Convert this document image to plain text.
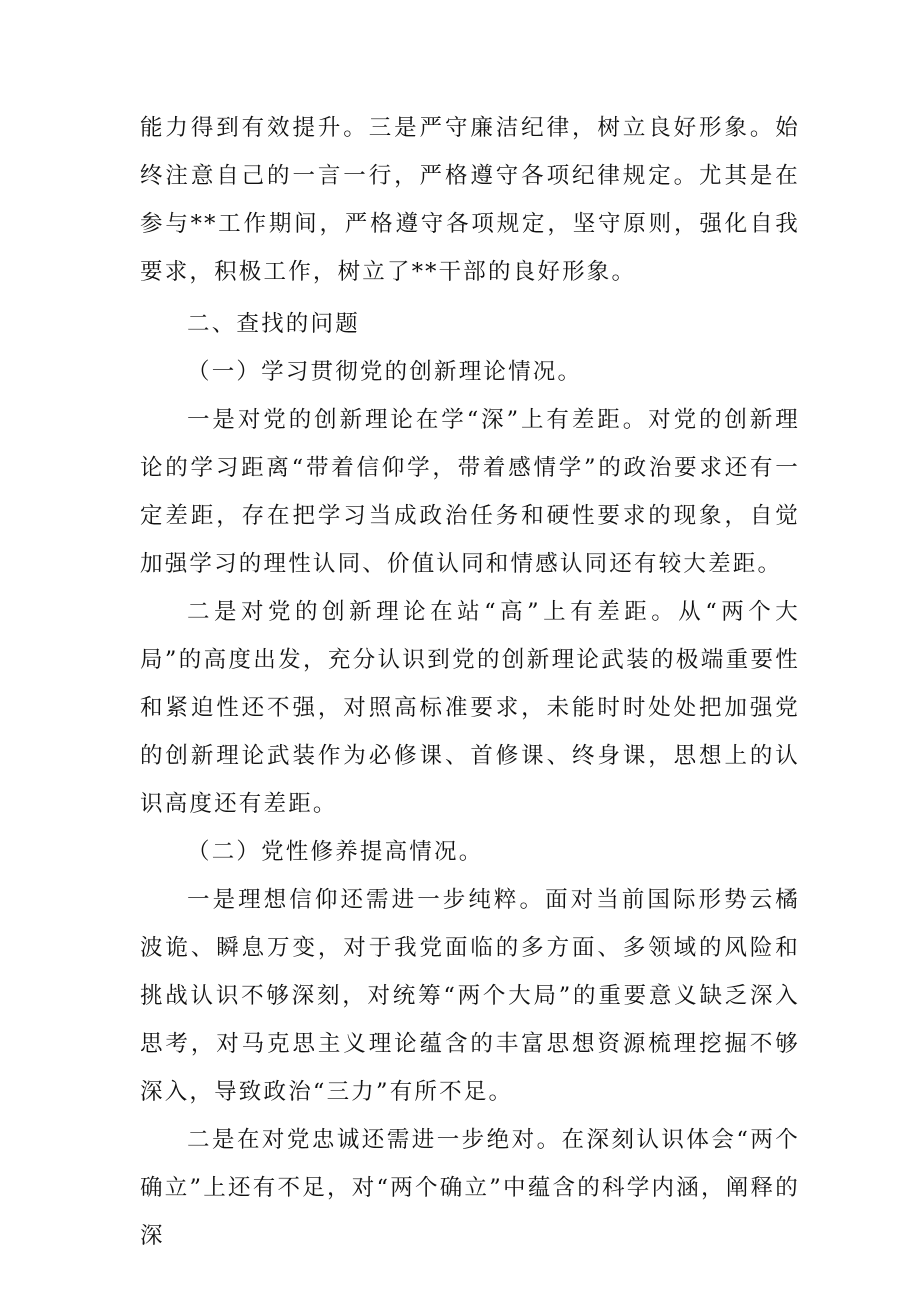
能力得到有效提升。三是严守廉洁纪律，树立良好形象。始终注意自己的一言一行，严格遵守各项纪律规定。尤其是在参与**工作期间，严格遵守各项规定，坚守原则，强化自我要求，积极工作，树立了**干部的良好形象。

二、查找的问题

（一）学习贯彻党的创新理论情况。

一是对党的创新理论在学“深”上有差距。对党的创新理论的学习距离“带着信仰学，带着感情学”的政治要求还有一定差距，存在把学习当成政治任务和硬性要求的现象，自觉加强学习的理性认同、价值认同和情感认同还有较大差距。

二是对党的创新理论在站“高”上有差距。从“两个大局”的高度出发，充分认识到党的创新理论武装的极端重要性和紧迫性还不强，对照高标准要求，未能时时处处把加强党的创新理论武装作为必修课、首修课、终身课，思想上的认识高度还有差距。

（二）党性修养提高情况。

一是理想信仰还需进一步纯粹。面对当前国际形势云橘波诡、瞬息万变，对于我党面临的多方面、多领域的风险和挑战认识不够深刻，对统筹“两个大局”的重要意义缺乏深入思考，对马克思主义理论蕴含的丰富思想资源梳理挖掘不够深入，导致政治“三力”有所不足。

二是在对党忠诚还需进一步绝对。在深刻认识体会“两个确立”上还有不足，对“两个确立”中蕴含的科学内涵，阐释的深
